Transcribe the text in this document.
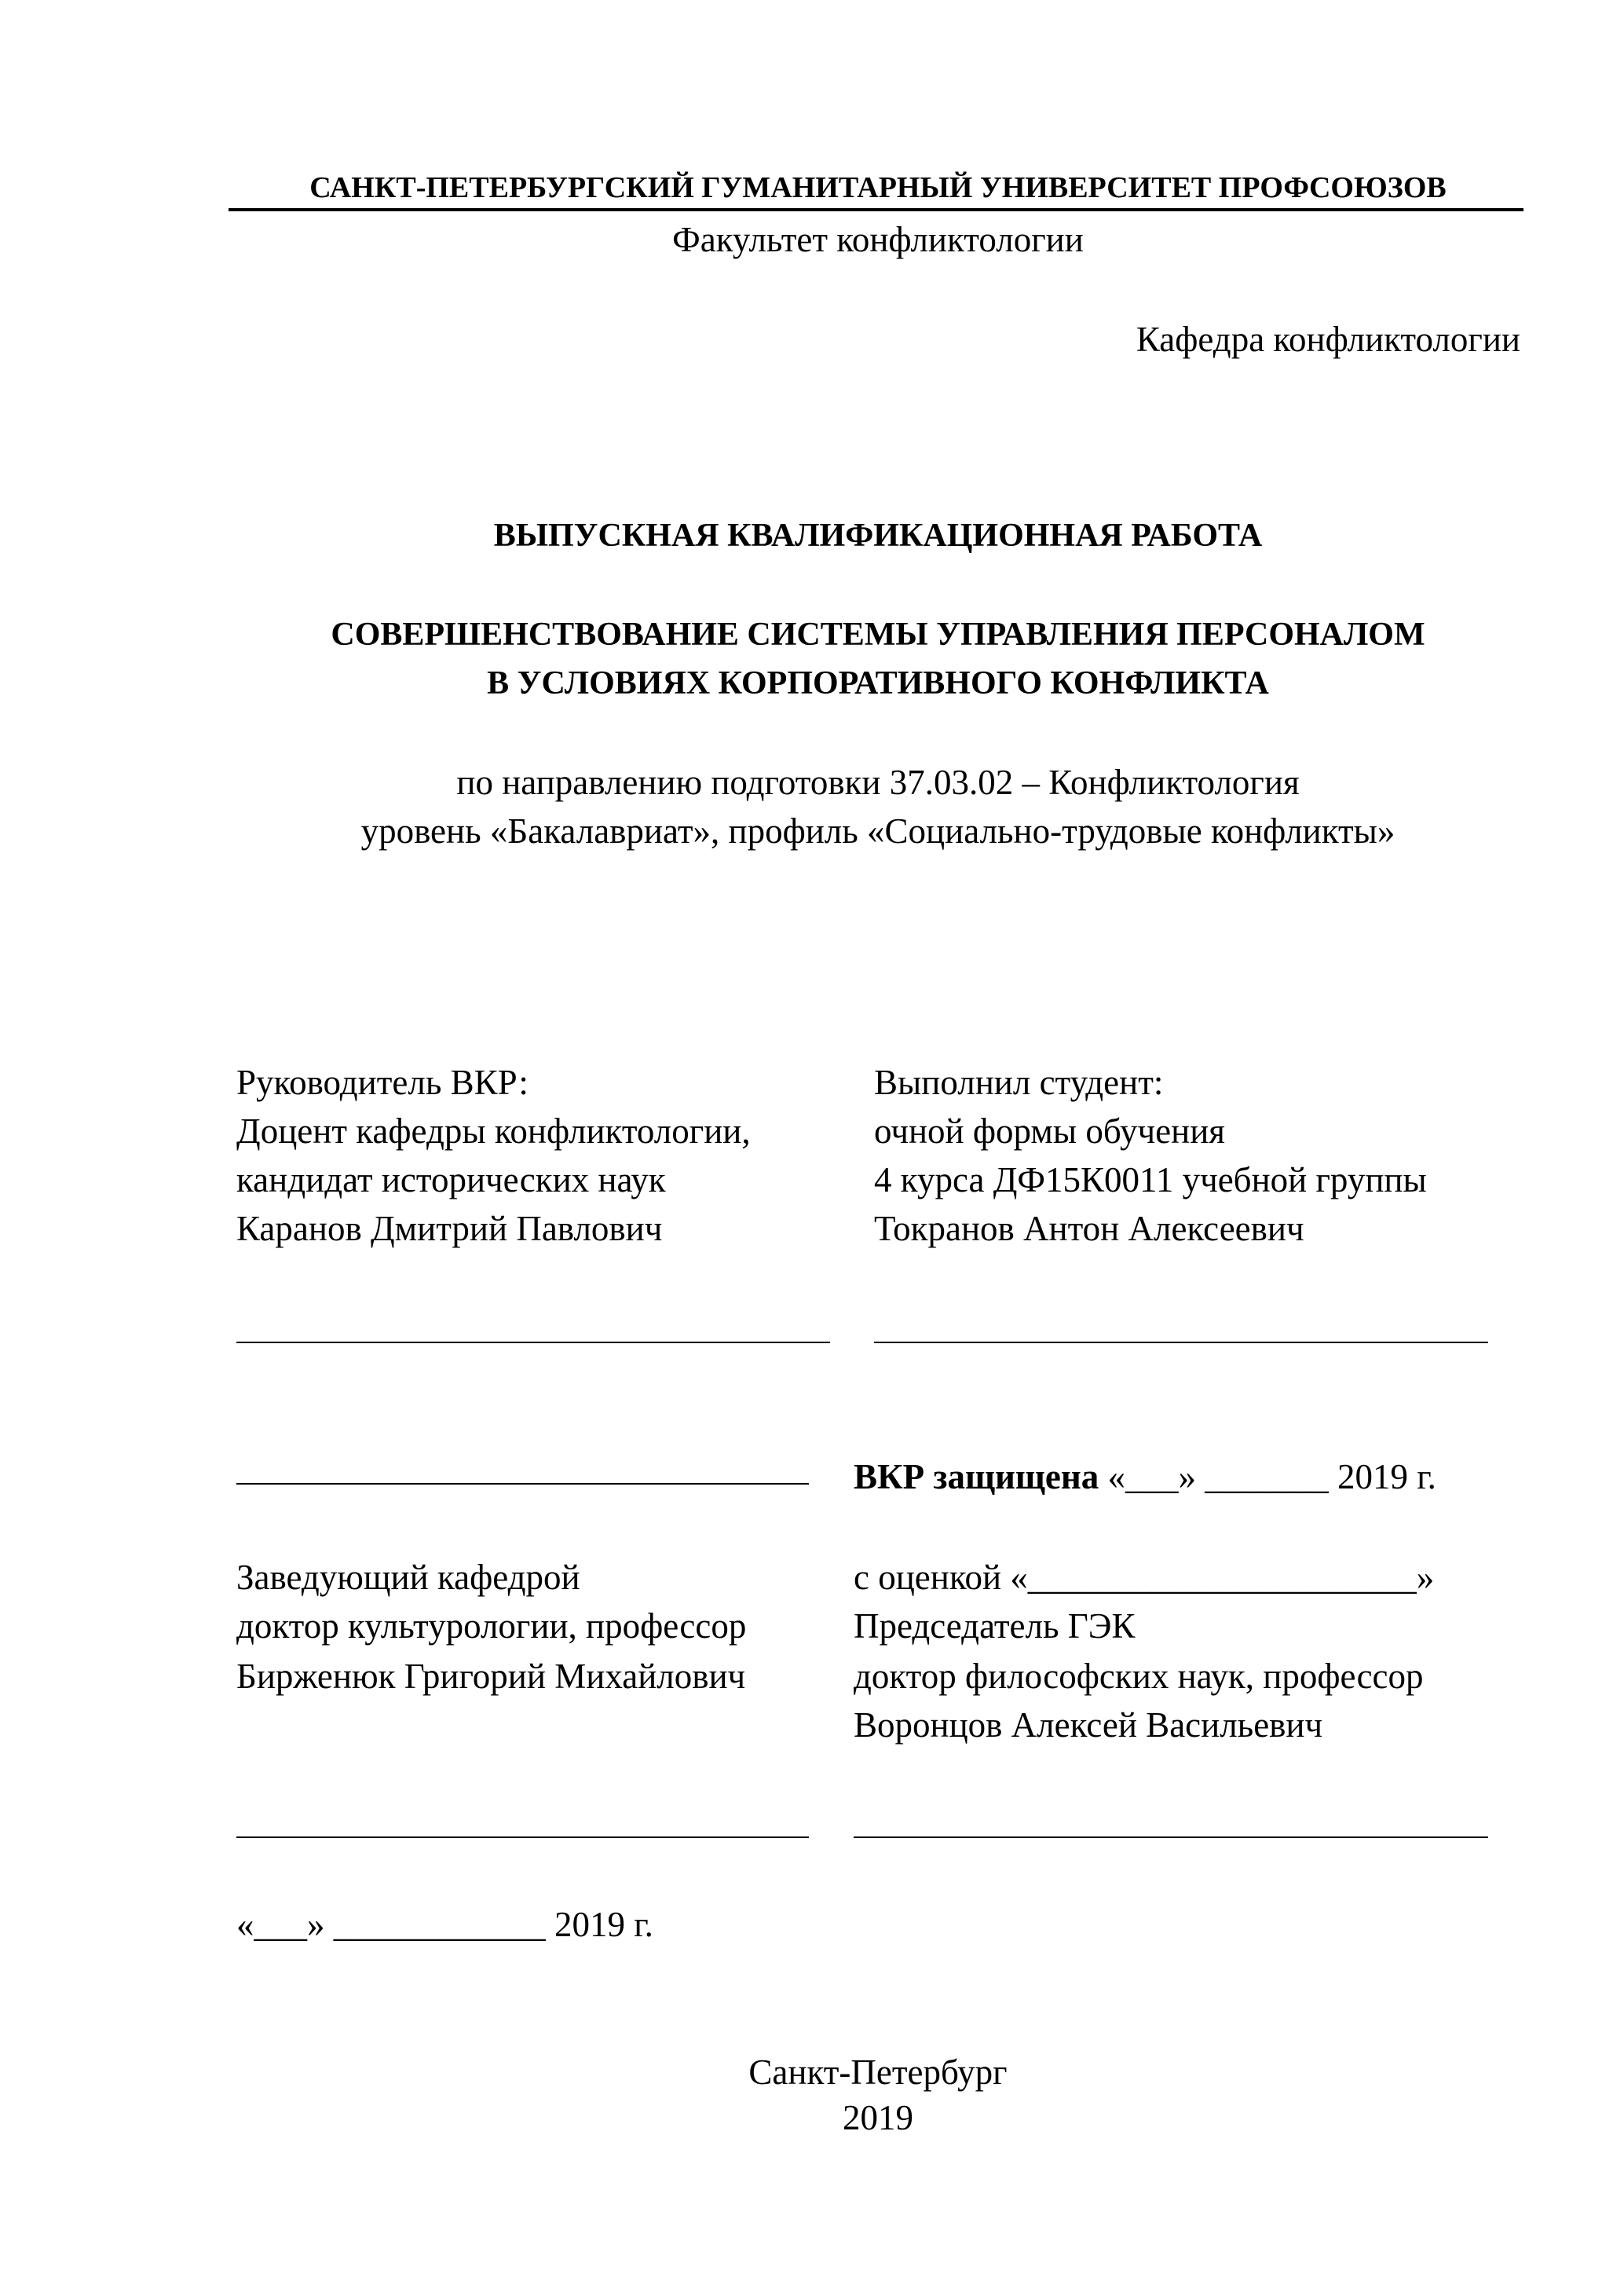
САНКТ-ПЕТЕРБУРГСКИЙ ГУМАНИТАРНЫЙ УНИВЕРСИТЕТ ПРОФСОЮЗОВ
Факультет конфликтологии
Кафедра конфликтологии
ВЫПУСКНАЯ КВАЛИФИКАЦИОННАЯ РАБОТА
СОВЕРШЕНСТВОВАНИЕ СИСТЕМЫ УПРАВЛЕНИЯ ПЕРСОНАЛОМ
В УСЛОВИЯХ КОРПОРАТИВНОГО КОНФЛИКТА
по направлению подготовки 37.03.02 – Конфликтология
уровень «Бакалавриат», профиль «Социально-трудовые конфликты»
Руководитель ВКР:
Доцент кафедры конфликтологии,
кандидат исторических наук
Каранов Дмитрий Павлович
Выполнил студент:
очной формы обучения
4 курса ДФ15К0011 учебной группы
Токранов Антон Алексеевич
ВКР защищена «___» _______ 2019 г.
Заведующий кафедрой
доктор культурологии, профессор
Бирженюк Григорий Михайлович
с оценкой «______________________»
Председатель ГЭК
доктор философских наук, профессор
Воронцов Алексей Васильевич
«___» ____________ 2019 г.
Санкт-Петербург
2019
